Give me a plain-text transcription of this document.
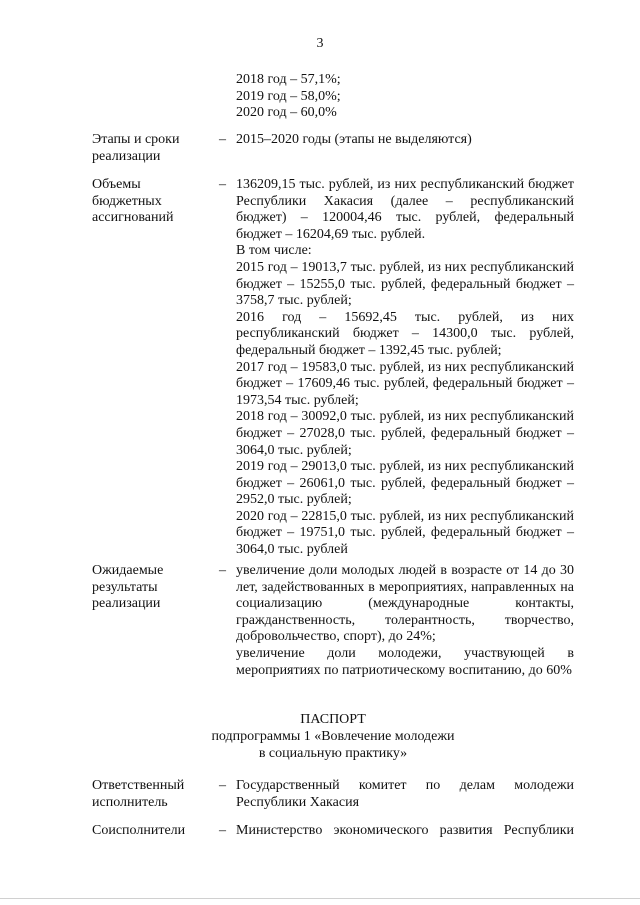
3
2018 год – 57,1%;
2019 год – 58,0%;
2020 год – 60,0%
Этапы и сроки
реализации
– 2015–2020 годы (этапы не выделяются)
Объемы
бюджетных
ассигнований
– 136209,15 тыс. рублей, из них республиканский бюджет
Республики Хакасия (далее – республиканский
бюджет) – 120004,46 тыс. рублей, федеральный
бюджет – 16204,69 тыс. рублей.
В том числе:
2015 год – 19013,7 тыс. рублей, из них республиканский
бюджет – 15255,0 тыс. рублей, федеральный бюджет –
3758,7 тыс. рублей;
2016 год – 15692,45 тыс. рублей, из них
республиканский бюджет – 14300,0 тыс. рублей,
федеральный бюджет – 1392,45 тыс. рублей;
2017 год – 19583,0 тыс. рублей, из них республиканский
бюджет – 17609,46 тыс. рублей, федеральный бюджет –
1973,54 тыс. рублей;
2018 год – 30092,0 тыс. рублей, из них республиканский
бюджет – 27028,0 тыс. рублей, федеральный бюджет –
3064,0 тыс. рублей;
2019 год – 29013,0 тыс. рублей, из них республиканский
бюджет – 26061,0 тыс. рублей, федеральный бюджет –
2952,0 тыс. рублей;
2020 год – 22815,0 тыс. рублей, из них республиканский
бюджет – 19751,0 тыс. рублей, федеральный бюджет –
3064,0 тыс. рублей
Ожидаемые
результаты
реализации
– увеличение доли молодых людей в возрасте от 14 до 30
лет, задействованных в мероприятиях, направленных на
социализацию (международные контакты,
гражданственность, толерантность, творчество,
добровольчество, спорт), до 24%;
увеличение доли молодежи, участвующей в
мероприятиях по патриотическому воспитанию, до 60%
ПАСПОРТ
подпрограммы 1 «Вовлечение молодежи
в социальную практику»
Ответственный
исполнитель
– Государственный комитет по делам молодежи
Республики Хакасия
Соисполнители	– Министерство экономического развития Республики
